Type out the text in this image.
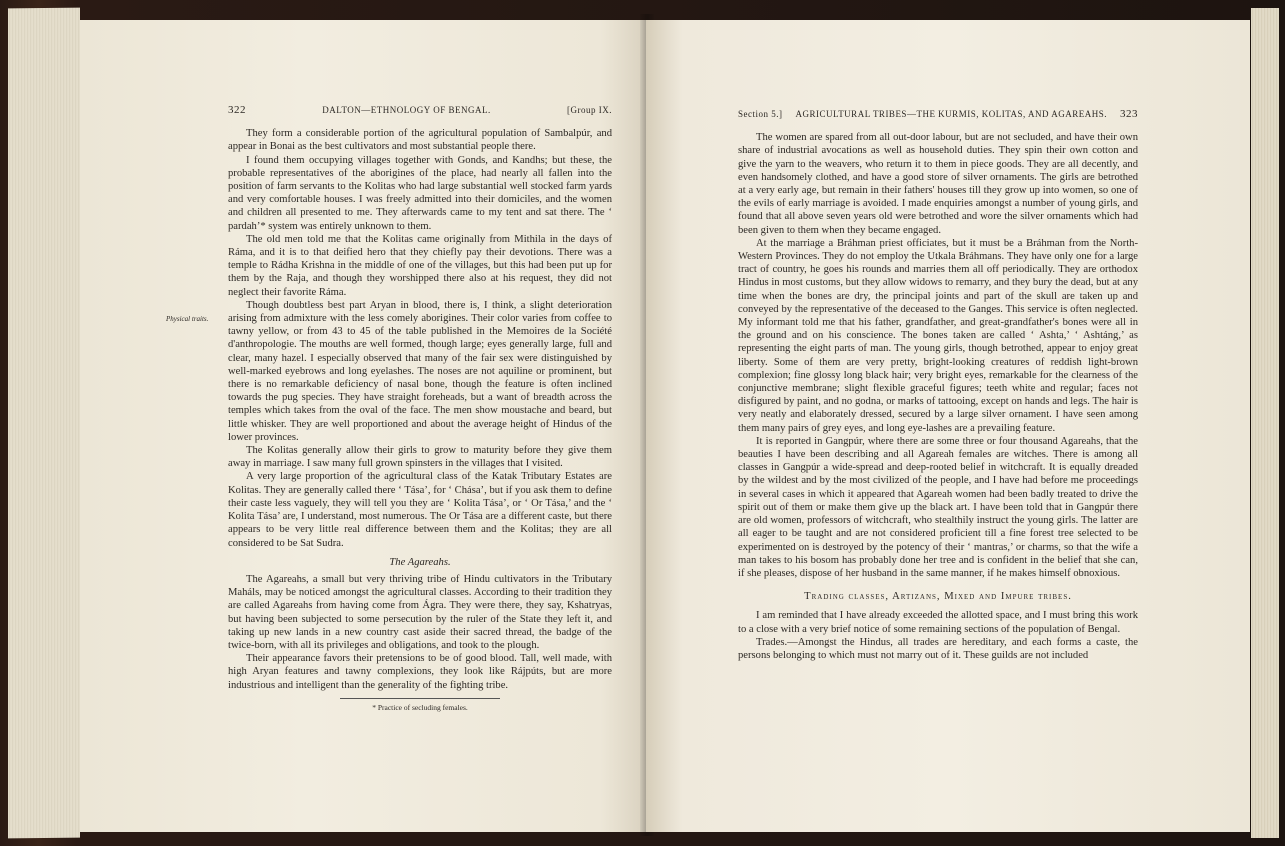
322	DALTON—ETHNOLOGY OF BENGAL.	[Group IX.

They form a considerable portion of the agricultural population of Sambalpúr, and appear in Bonai as the best cultivators and most substantial people there.

I found them occupying villages together with Gonds, and Kandhs; but these, the probable representatives of the aborigines of the place, had nearly all fallen into the position of farm servants to the Kolitas who had large substantial well stocked farm yards and very comfortable houses. I was freely admitted into their domiciles, and the women and children all presented to me. They afterwards came to my tent and sat there. The ‘ pardah’* system was entirely unknown to them.

The old men told me that the Kolitas came originally from Mithila in the days of Ráma, and it is to that deified hero that they chiefly pay their devotions. There was a temple to Rádha Krishna in the middle of one of the villages, but this had been put up for them by the Raja, and though they worshipped there also at his request, they did not neglect their favorite Ráma.

Physical traits.

Though doubtless best part Aryan in blood, there is, I think, a slight deterioration arising from admixture with the less comely aborigines. Their color varies from coffee to tawny yellow, or from 43 to 45 of the table published in the Memoires de la Société d'anthropologie. The mouths are well formed, though large; eyes generally large, full and clear, many hazel. I especially observed that many of the fair sex were distinguished by well-marked eyebrows and long eyelashes. The noses are not aquiline or prominent, but there is no remarkable deficiency of nasal bone, though the feature is often inclined towards the pug species. They have straight foreheads, but a want of breadth across the temples which takes from the oval of the face. The men show moustache and beard, but little whisker. They are well proportioned and about the average height of Hindus of the lower provinces.

The Kolitas generally allow their girls to grow to maturity before they give them away in marriage. I saw many full grown spinsters in the villages that I visited.

A very large proportion of the agricultural class of the Katak Tributary Estates are Kolitas. They are generally called there ‘ Tása’, for ‘ Chása’, but if you ask them to define their caste less vaguely, they will tell you they are ‘ Kolita Tása’, or ‘ Or Tása,’ and the ‘ Kolita Tása’ are, I understand, most numerous. The Or Tása are a different caste, but there appears to be very little real difference between them and the Kolitas; they are all considered to be Sat Sudra.

The Agareahs.

The Agareahs, a small but very thriving tribe of Hindu cultivators in the Tributary Maháls, may be noticed amongst the agricultural classes. According to their tradition they are called Agareahs from having come from Ágra. They were there, they say, Kshatryas, but having been subjected to some persecution by the ruler of the State they left it, and taking up new lands in a new country cast aside their sacred thread, the badge of the twice-born, with all its privileges and obligations, and took to the plough.

Their appearance favors their pretensions to be of good blood. Tall, well made, with high Aryan features and tawny complexions, they look like Rájpúts, but are more industrious and intelligent than the generality of the fighting tribe.

* Practice of secluding females.
Section 5.] AGRICULTURAL TRIBES—THE KURMIS, KOLITAS, AND AGAREAHS. 323

The women are spared from all out-door labour, but are not secluded, and have their own share of industrial avocations as well as household duties. They spin their own cotton and give the yarn to the weavers, who return it to them in piece goods. They are all decently, and even handsomely clothed, and have a good store of silver ornaments. The girls are betrothed at a very early age, but remain in their fathers' houses till they grow up into women, so one of the evils of early marriage is avoided. I made enquiries amongst a number of young girls, and found that all above seven years old were betrothed and wore the silver ornaments which had been given to them when they became engaged.

At the marriage a Bráhman priest officiates, but it must be a Bráhman from the North-Western Provinces. They do not employ the Utkala Bráhmans. They have only one for a large tract of country, he goes his rounds and marries them all off periodically. They are orthodox Hindus in most customs, but they allow widows to remarry, and they bury the dead, but at any time when the bones are dry, the principal joints and part of the skull are taken up and conveyed by the representative of the deceased to the Ganges. This service is often neglected. My informant told me that his father, grandfather, and great-grandfather's bones were all in the ground and on his conscience. The bones taken are called ‘ Ashta,’ ‘ Ashtáng,’ as representing the eight parts of man. The young girls, though betrothed, appear to enjoy great liberty. Some of them are very pretty, bright-looking creatures of reddish light-brown complexion; fine glossy long black hair; very bright eyes, remarkable for the clearness of the conjunctive membrane; slight flexible graceful figures; teeth white and regular; faces not disfigured by paint, and no godna, or marks of tattooing, except on hands and legs. The hair is very neatly and elaborately dressed, secured by a large silver ornament. I have seen among them many pairs of grey eyes, and long eye-lashes are a prevailing feature.

It is reported in Gangpúr, where there are some three or four thousand Agareahs, that the beauties I have been describing and all Agareah females are witches. There is among all classes in Gangpúr a wide-spread and deep-rooted belief in witchcraft. It is equally dreaded by the wildest and by the most civilized of the people, and I have had before me proceedings in several cases in which it appeared that Agareah women had been badly treated to drive the spirit out of them or make them give up the black art. I have been told that in Gangpúr there are old women, professors of witchcraft, who stealthily instruct the young girls. The latter are all eager to be taught and are not considered proficient till a fine forest tree selected to be experimented on is destroyed by the potency of their ‘ mantras,’ or charms, so that the wife a man takes to his bosom has probably done her tree and is confident in the belief that she can, if she pleases, dispose of her husband in the same manner, if he makes himself obnoxious.

Trading classes, Artizans, Mixed and Impure tribes.

I am reminded that I have already exceeded the allotted space, and I must bring this work to a close with a very brief notice of some remaining sections of the population of Bengal.

Trades.—Amongst the Hindus, all trades are hereditary, and each forms a caste, the persons belonging to which must not marry out of it. These guilds are not included
